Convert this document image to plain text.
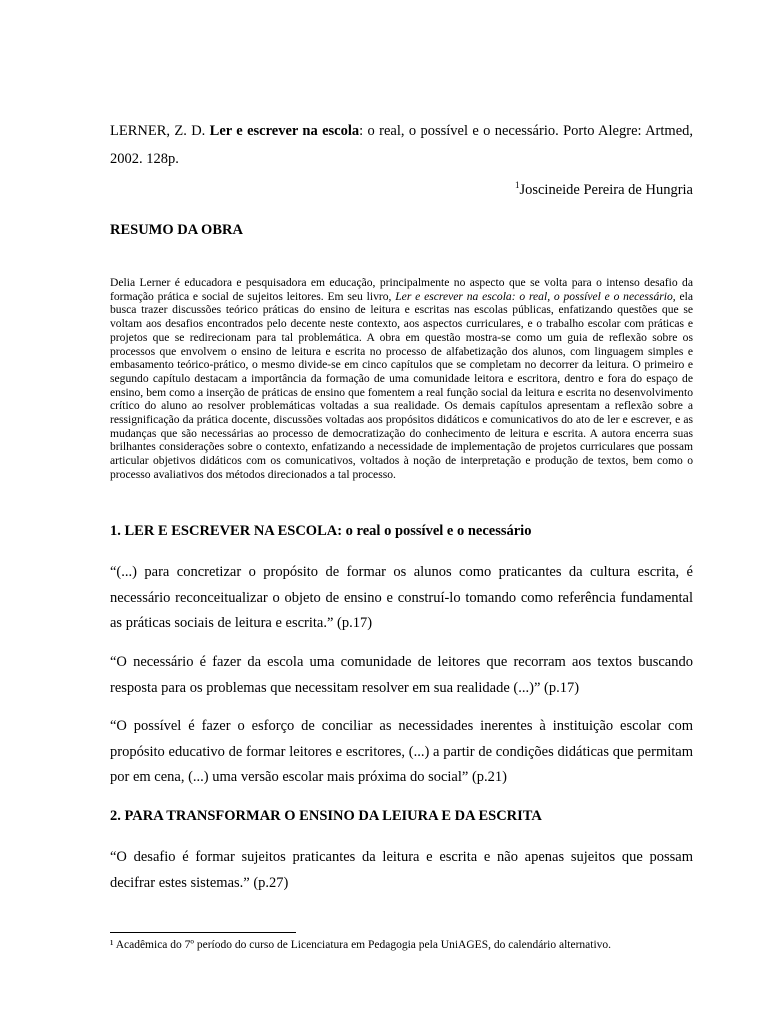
LERNER, Z. D. Ler e escrever na escola: o real, o possível e o necessário. Porto Alegre: Artmed, 2002. 128p.

$^1$Joscineide Pereira de Hungria

RESUMO DA OBRA

Delia Lerner é educadora e pesquisadora em educação, principalmente no aspecto que se volta para o intenso desafio da formação prática e social de sujeitos leitores. Em seu livro, Ler e escrever na escola: o real, o possível e o necessário, ela busca trazer discussões teórico práticas do ensino de leitura e escritas nas escolas públicas, enfatizando questões que se voltam aos desafios encontrados pelo decente neste contexto, aos aspectos curriculares, e o trabalho escolar com práticas e projetos que se redirecionam para tal problemática. A obra em questão mostra-se como um guia de reflexão sobre os processos que envolvem o ensino de leitura e escrita no processo de alfabetização dos alunos, com linguagem simples e embasamento teórico-prático, o mesmo divide-se em cinco capítulos que se completam no decorrer da leitura. O primeiro e segundo capítulo destacam a importância da formação de uma comunidade leitora e escritora, dentro e fora do espaço de ensino, bem como a inserção de práticas de ensino que fomentem a real função social da leitura e escrita no desenvolvimento crítico do aluno ao resolver problemáticas voltadas a sua realidade. Os demais capítulos apresentam a reflexão sobre a ressignificação da prática docente, discussões voltadas aos propósitos didáticos e comunicativos do ato de ler e escrever, e as mudanças que são necessárias ao processo de democratização do conhecimento de leitura e escrita. A autora encerra suas brilhantes considerações sobre o contexto, enfatizando a necessidade de implementação de projetos curriculares que possam articular objetivos didáticos com os comunicativos, voltados à noção de interpretação e produção de textos, bem como o processo avaliativos dos métodos direcionados a tal processo.

1. LER E ESCREVER NA ESCOLA: o real o possível e o necessário

“(...) para concretizar o propósito de formar os alunos como praticantes da cultura escrita, é necessário reconceitualizar o objeto de ensino e construí-lo tomando como referência fundamental as práticas sociais de leitura e escrita.” (p.17)

“O necessário é fazer da escola uma comunidade de leitores que recorram aos textos buscando resposta para os problemas que necessitam resolver em sua realidade (...)” (p.17)

“O possível é fazer o esforço de conciliar as necessidades inerentes à instituição escolar com propósito educativo de formar leitores e escritores, (...) a partir de condições didáticas que permitam por em cena, (...) uma versão escolar mais próxima do social” (p.21)

2. PARA TRANSFORMAR O ENSINO DA LEIURA E DA ESCRITA

“O desafio é formar sujeitos praticantes da leitura e escrita e não apenas sujeitos que possam decifrar estes sistemas.” (p.27)

¹ Acadêmica do 7º período do curso de Licenciatura em Pedagogia pela UniAGES, do calendário alternativo.
